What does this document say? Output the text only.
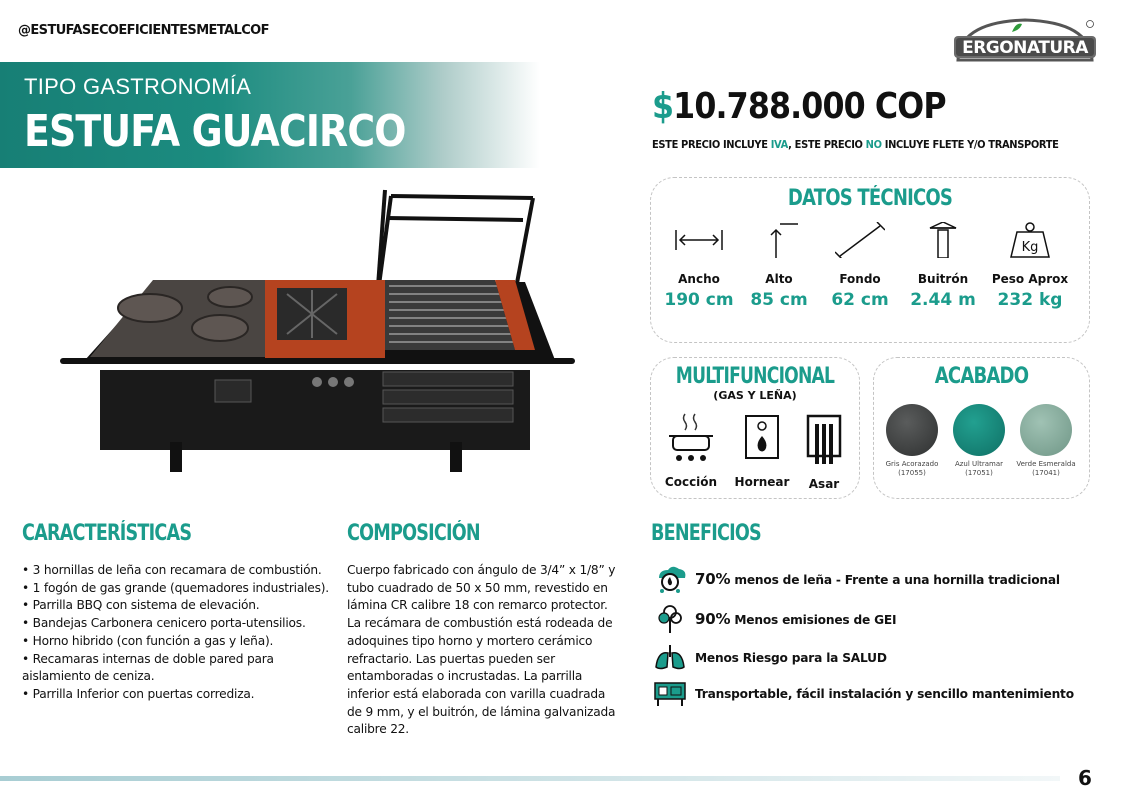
@ESTUFASECOEFICIENTESMETALCOF
ERGONATURA
TIPO GASTRONOMÍA
ESTUFA GUACIRCO	$10.788.000 COP
ESTE PRECIO INCLUYE IVA, ESTE PRECIO NO INCLUYE FLETE Y/O TRANSPORTE
DATOS TÉCNICOS
Ancho
190 cm
Alto
85 cm
Fondo
62 cm
Buitrón
2.44 m
Kg
Peso Aprox
232 kg
MULTIFUNCIONAL
(GAS Y LEÑA)
Cocción Hornear	Asar
ACABADO
Gris Acorazado
(17055)
Azul Ultramar
(17051)
Verde Esmeralda
(17041)
CARACTERÍSTICAS
• 3 hornillas de leña con recamara de combustión.
• 1 fogón de gas grande (quemadores industriales).
• Parrilla BBQ con sistema de elevación.
• Bandejas Carbonera cenicero porta-utensilios.
• Horno hibrido (con función a gas y leña).
• Recamaras internas de doble pared para aislamiento de ceniza.
• Parrilla Inferior con puertas corrediza.
COMPOSICIÓN
Cuerpo fabricado con ángulo de 3/4” x 1/8” y tubo cuadrado de 50 x 50 mm, revestido en lámina CR calibre 18 con remarco protector. La recámara de combustión está rodeada de adoquines tipo horno y mortero cerámico refractario. Las puertas pueden ser entamboradas o incrustadas. La parrilla inferior está elaborada con varilla cuadrada de 9 mm, y el buitrón, de lámina galvanizada calibre 22.
BENEFICIOS
70% menos de leña - Frente a una hornilla tradicional
90% Menos emisiones de GEI
Menos Riesgo para la SALUD
Transportable, fácil instalación y sencillo mantenimiento
6
